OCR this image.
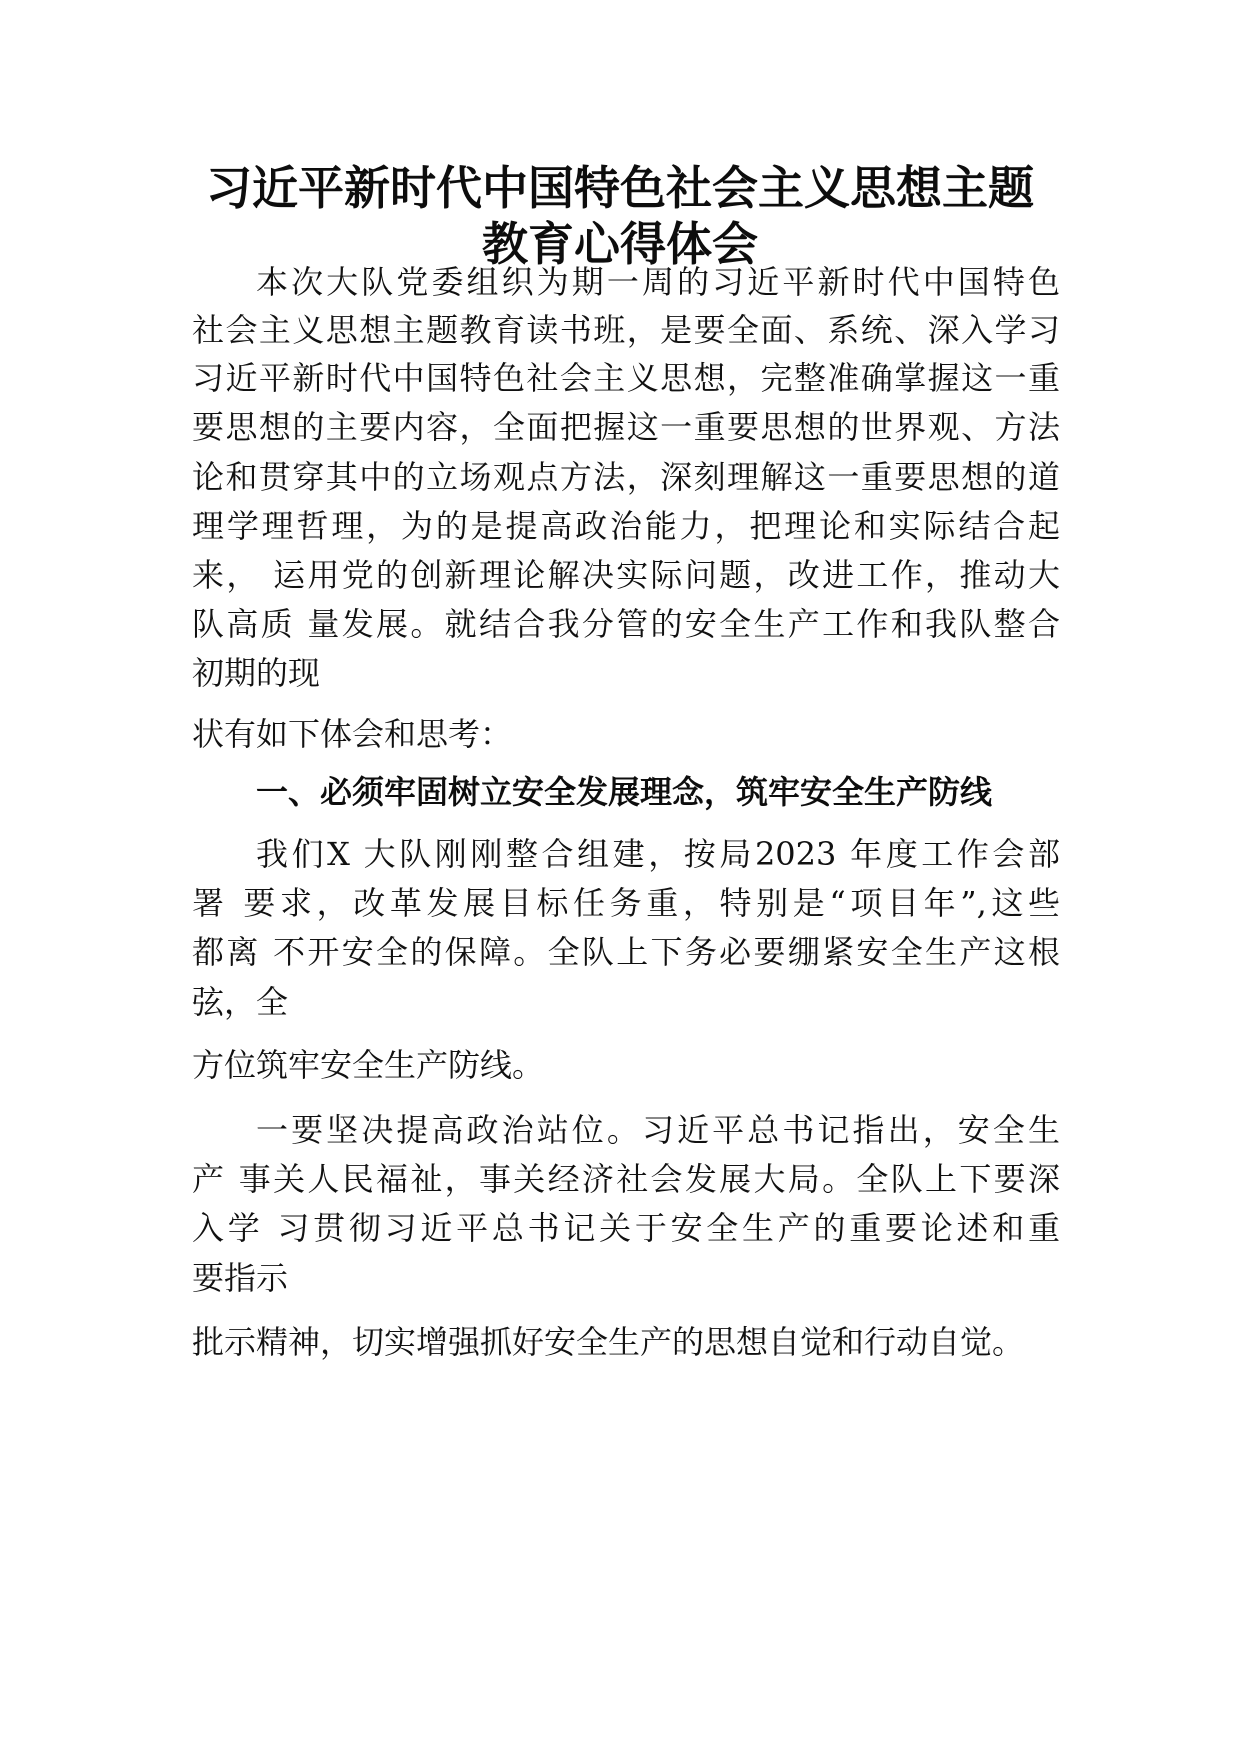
习近平新时代中国特色社会主义思想主题
教育心得体会

本次大队党委组织为期一周的习近平新时代中国特色

社会主义思想主题教育读书班，是要全面、系统、深入学习

习近平新时代中国特色社会主义思想，完整准确掌握这一重

要思想的主要内容，全面把握这一重要思想的世界观、方法

论和贯穿其中的立场观点方法，深刻理解这一重要思想的道

理学理哲理，为的是提高政治能力，把理论和实际结合起

来， 运用党的创新理论解决实际问题，改进工作，推动大

队高质 量发展。就结合我分管的安全生产工作和我队整合

初期的现

状有如下体会和思考：

一、必须牢固树立安全发展理念，筑牢安全生产防线

我们X 大队刚刚整合组建，按局2023 年度工作会部

署 要求，改革发展目标任务重，特别是“项目年”,这些

都离 不开安全的保障。全队上下务必要绷紧安全生产这根

弦，全

方位筑牢安全生产防线。

一要坚决提高政治站位。习近平总书记指出，安全生

产 事关人民福祉，事关经济社会发展大局。全队上下要深

入学 习贯彻习近平总书记关于安全生产的重要论述和重

要指示

批示精神，切实增强抓好安全生产的思想自觉和行动自觉。
